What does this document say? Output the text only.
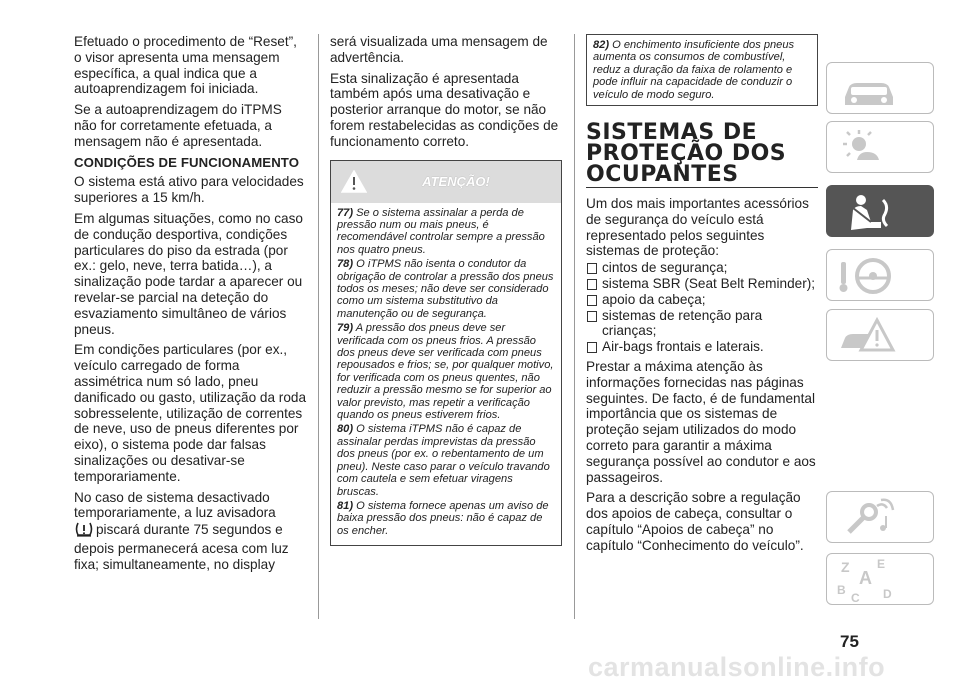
Efetuado o procedimento de “Reset”, o visor apresenta uma mensagem específica, a qual indica que a autoaprendizagem foi iniciada.

Se a autoaprendizagem do iTPMS não for corretamente efetuada, a mensagem não é apresentada.

CONDIÇÕES DE FUNCIONAMENTO

O sistema está ativo para velocidades superiores a 15 km/h.

Em algumas situações, como no caso de condução desportiva, condições particulares do piso da estrada (por ex.: gelo, neve, terra batida…), a sinalização pode tardar a aparecer ou revelar-se parcial na deteção do esvaziamento simultâneo de vários pneus.

Em condições particulares (por ex., veículo carregado de forma assimétrica num só lado, pneu danificado ou gasto, utilização da roda sobresselente, utilização de correntes de neve, uso de pneus diferentes por eixo), o sistema pode dar falsas sinalizações ou desativar-se temporariamente.

No caso de sistema desactivado temporariamente, a luz avisadora
piscará durante 75 segundos e depois permanecerá acesa com luz fixa; simultaneamente, no display

será visualizada uma mensagem de advertência.

Esta sinalização é apresentada também após uma desativação e posterior arranque do motor, se não forem restabelecidas as condições de funcionamento correto.

ATENÇÃO!

77) Se o sistema assinalar a perda de pressão num ou mais pneus, é recomendável controlar sempre a pressão nos quatro pneus.

78) O iTPMS não isenta o condutor da obrigação de controlar a pressão dos pneus todos os meses; não deve ser considerado como um sistema substitutivo da manutenção ou de segurança.

79) A pressão dos pneus deve ser verificada com os pneus frios. A pressão dos pneus deve ser verificada com pneus repousados e frios; se, por qualquer motivo, for verificada com os pneus quentes, não reduzir a pressão mesmo se for superior ao valor previsto, mas repetir a verificação quando os pneus estiverem frios.

80) O sistema iTPMS não é capaz de assinalar perdas imprevistas da pressão dos pneus (por ex. o rebentamento de um pneu). Neste caso parar o veículo travando com cautela e sem efetuar viragens bruscas.

81) O sistema fornece apenas um aviso de baixa pressão dos pneus: não é capaz de os encher.

82) O enchimento insuficiente dos pneus aumenta os consumos de combustível, reduz a duração da faixa de rolamento e pode influir na capacidade de conduzir o veículo de modo seguro.
SISTEMAS DE
PROTEÇÃO DOS
OCUPANTES

Um dos mais importantes acessórios de segurança do veículo está representado pelos seguintes sistemas de proteção:

cintos de segurança;
sistema SBR (Seat Belt Reminder);
apoio da cabeça;
sistemas de retenção para crianças;
Air-bags frontais e laterais.

Prestar a máxima atenção às informações fornecidas nas páginas seguintes. De facto, é de fundamental importância que os sistemas de proteção sejam utilizados do modo correto para garantir a máxima segurança possível ao condutor e aos passageiros.

Para a descrição sobre a regulação dos apoios de cabeça, consultar o capítulo “Apoios de cabeça” no capítulo “Conhecimento do veículo”.

Z E
A
B
C D
75
carmanualsonline.info
